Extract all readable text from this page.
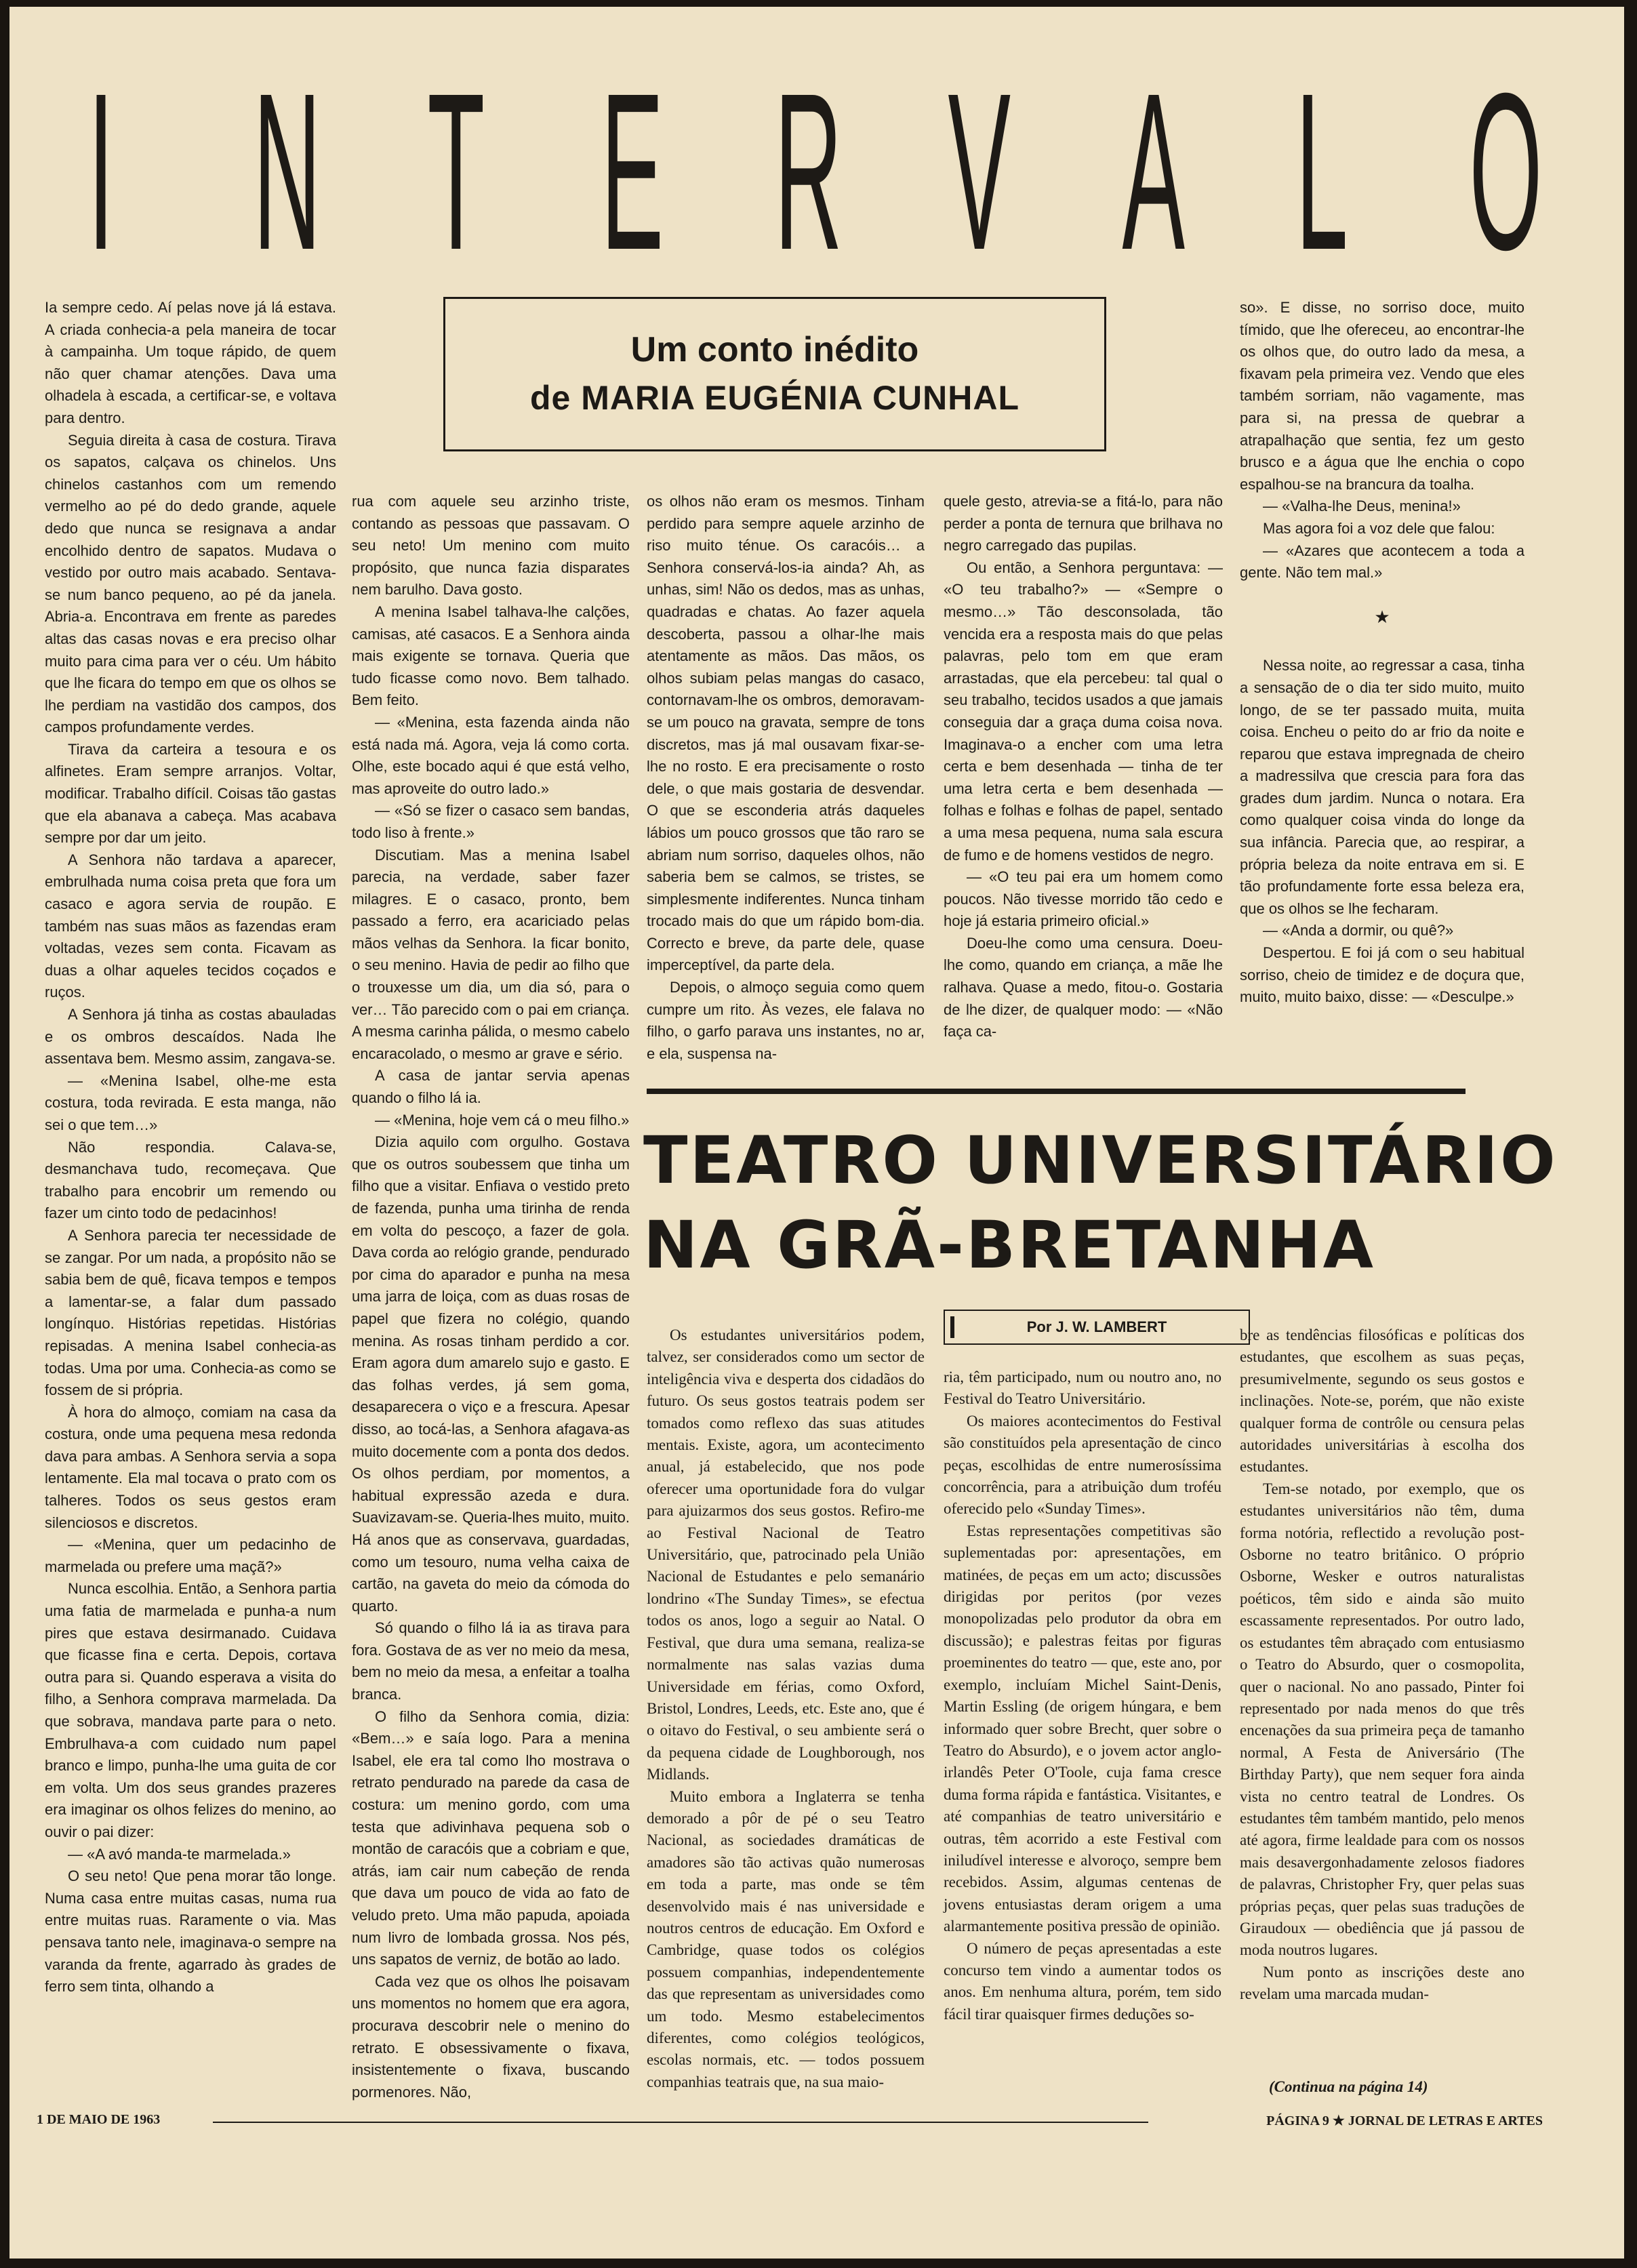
I N T E R V A L O
Um conto inédito
de MARIA EUGÉNIA CUNHAL

Ia sempre cedo. Aí pelas nove já lá estava. A criada conhecia-a pela maneira de tocar à campainha. Um toque rápido, de quem não quer chamar atenções. Dava uma olhadela à escada, a certificar-se, e voltava para dentro.

Seguia direita à casa de costura. Tirava os sapatos, calçava os chinelos. Uns chinelos castanhos com um remendo vermelho ao pé do dedo grande, aquele dedo que nunca se resignava a andar encolhido dentro de sapatos. Mudava o vestido por outro mais acabado. Sentava-se num banco pequeno, ao pé da janela. Abria-a. Encontrava em frente as paredes altas das casas novas e era preciso olhar muito para cima para ver o céu. Um hábito que lhe ficara do tempo em que os olhos se lhe perdiam na vastidão dos campos, dos campos profundamente verdes.

Tirava da carteira a tesoura e os alfinetes. Eram sempre arranjos. Voltar, modificar. Trabalho difícil. Coisas tão gastas que ela abanava a cabeça. Mas acabava sempre por dar um jeito.

A Senhora não tardava a aparecer, embrulhada numa coisa preta que fora um casaco e agora servia de roupão. E também nas suas mãos as fazendas eram voltadas, vezes sem conta. Ficavam as duas a olhar aqueles tecidos coçados e ruços.

A Senhora já tinha as costas abauladas e os ombros descaídos. Nada lhe assentava bem. Mesmo assim, zangava-se.

— «Menina Isabel, olhe-me esta costura, toda revirada. E esta manga, não sei o que tem…»

Não respondia. Calava-se, desmanchava tudo, recomeçava. Que trabalho para encobrir um remendo ou fazer um cinto todo de pedacinhos!

A Senhora parecia ter necessidade de se zangar. Por um nada, a propósito não se sabia bem de quê, ficava tempos e tempos a lamentar-se, a falar dum passado longínquo. Histórias repetidas. Histórias repisadas. A menina Isabel conhecia-as todas. Uma por uma. Conhecia-as como se fossem de si própria.

À hora do almoço, comiam na casa da costura, onde uma pequena mesa redonda dava para ambas. A Senhora servia a sopa lentamente. Ela mal tocava o prato com os talheres. Todos os seus gestos eram silenciosos e discretos.

— «Menina, quer um pedacinho de marmelada ou prefere uma maçã?»

Nunca escolhia. Então, a Senhora partia uma fatia de marmelada e punha-a num pires que estava desirmanado. Cuidava que ficasse fina e certa. Depois, cortava outra para si. Quando esperava a visita do filho, a Senhora comprava marmelada. Da que sobrava, mandava parte para o neto. Embrulhava-a com cuidado num papel branco e limpo, punha-lhe uma guita de cor em volta. Um dos seus grandes prazeres era imaginar os olhos felizes do menino, ao ouvir o pai dizer:

— «A avó manda-te marmelada.»

O seu neto! Que pena morar tão longe. Numa casa entre muitas casas, numa rua entre muitas ruas. Raramente o via. Mas pensava tanto nele, imaginava-o sempre na varanda da frente, agarrado às grades de ferro sem tinta, olhando a

rua com aquele seu arzinho triste, contando as pessoas que passavam. O seu neto! Um menino com muito propósito, que nunca fazia disparates nem barulho. Dava gosto.

A menina Isabel talhava-lhe calções, camisas, até casacos. E a Senhora ainda mais exigente se tornava. Queria que tudo ficasse como novo. Bem talhado. Bem feito.

— «Menina, esta fazenda ainda não está nada má. Agora, veja lá como corta. Olhe, este bocado aqui é que está velho, mas aproveite do outro lado.»

— «Só se fizer o casaco sem bandas, todo liso à frente.»

Discutiam. Mas a menina Isabel parecia, na verdade, saber fazer milagres. E o casaco, pronto, bem passado a ferro, era acariciado pelas mãos velhas da Senhora. Ia ficar bonito, o seu menino. Havia de pedir ao filho que o trouxesse um dia, um dia só, para o ver… Tão parecido com o pai em criança. A mesma carinha pálida, o mesmo cabelo encaracolado, o mesmo ar grave e sério.

A casa de jantar servia apenas quando o filho lá ia.

— «Menina, hoje vem cá o meu filho.»

Dizia aquilo com orgulho. Gostava que os outros soubessem que tinha um filho que a visitar. Enfiava o vestido preto de fazenda, punha uma tirinha de renda em volta do pescoço, a fazer de gola. Dava corda ao relógio grande, pendurado por cima do aparador e punha na mesa uma jarra de loiça, com as duas rosas de papel que fizera no colégio, quando menina. As rosas tinham perdido a cor. Eram agora dum amarelo sujo e gasto. E das folhas verdes, já sem goma, desaparecera o viço e a frescura. Apesar disso, ao tocá-las, a Senhora afagava-as muito docemente com a ponta dos dedos. Os olhos perdiam, por momentos, a habitual expressão azeda e dura. Suavizavam-se. Queria-lhes muito, muito. Há anos que as conservava, guardadas, como um tesouro, numa velha caixa de cartão, na gaveta do meio da cómoda do quarto.

Só quando o filho lá ia as tirava para fora. Gostava de as ver no meio da mesa, bem no meio da mesa, a enfeitar a toalha branca.

O filho da Senhora comia, dizia: «Bem…» e saía logo. Para a menina Isabel, ele era tal como lho mostrava o retrato pendurado na parede da casa de costura: um menino gordo, com uma testa que adivinhava pequena sob o montão de caracóis que a cobriam e que, atrás, iam cair num cabeção de renda que dava um pouco de vida ao fato de veludo preto. Uma mão papuda, apoiada num livro de lombada grossa. Nos pés, uns sapatos de verniz, de botão ao lado.

Cada vez que os olhos lhe poisavam uns momentos no homem que era agora, procurava descobrir nele o menino do retrato. E obsessivamente o fixava, insistentemente o fixava, buscando pormenores. Não,

os olhos não eram os mesmos. Tinham perdido para sempre aquele arzinho de riso muito ténue. Os caracóis… a Senhora conservá-los-ia ainda? Ah, as unhas, sim! Não os dedos, mas as unhas, quadradas e chatas. Ao fazer aquela descoberta, passou a olhar-lhe mais atentamente as mãos. Das mãos, os olhos subiam pelas mangas do casaco, contornavam-lhe os ombros, demoravam-se um pouco na gravata, sempre de tons discretos, mas já mal ousavam fixar-se-lhe no rosto. E era precisamente o rosto dele, o que mais gostaria de desvendar. O que se esconderia atrás daqueles lábios um pouco grossos que tão raro se abriam num sorriso, daqueles olhos, não saberia bem se calmos, se tristes, se simplesmente indiferentes. Nunca tinham trocado mais do que um rápido bom-dia. Correcto e breve, da parte dele, quase imperceptível, da parte dela.

Depois, o almoço seguia como quem cumpre um rito. Às vezes, ele falava no filho, o garfo parava uns instantes, no ar, e ela, suspensa na-

quele gesto, atrevia-se a fitá-lo, para não perder a ponta de ternura que brilhava no negro carregado das pupilas.

Ou então, a Senhora perguntava: — «O teu trabalho?» — «Sempre o mesmo…» Tão desconsolada, tão vencida era a resposta mais do que pelas palavras, pelo tom em que eram arrastadas, que ela percebeu: tal qual o seu trabalho, tecidos usados a que jamais conseguia dar a graça duma coisa nova. Imaginava-o a encher com uma letra certa e bem desenhada — tinha de ter uma letra certa e bem desenhada — folhas e folhas e folhas de papel, sentado a uma mesa pequena, numa sala escura de fumo e de homens vestidos de negro.

— «O teu pai era um homem como poucos. Não tivesse morrido tão cedo e hoje já estaria primeiro oficial.»

Doeu-lhe como uma censura. Doeu-lhe como, quando em criança, a mãe lhe ralhava. Quase a medo, fitou-o. Gostaria de lhe dizer, de qualquer modo: — «Não faça ca-

so». E disse, no sorriso doce, muito tímido, que lhe ofereceu, ao encontrar-lhe os olhos que, do outro lado da mesa, a fixavam pela primeira vez. Vendo que eles também sorriam, não vagamente, mas para si, na pressa de quebrar a atrapalhação que sentia, fez um gesto brusco e a água que lhe enchia o copo espalhou-se na brancura da toalha.

— «Valha-lhe Deus, menina!»

Mas agora foi a voz dele que falou:

— «Azares que acontecem a toda a gente. Não tem mal.»

★

Nessa noite, ao regressar a casa, tinha a sensação de o dia ter sido muito, muito longo, de se ter passado muita, muita coisa. Encheu o peito do ar frio da noite e reparou que estava impregnada de cheiro a madressilva que crescia para fora das grades dum jardim. Nunca o notara. Era como qualquer coisa vinda do longe da sua infância. Parecia que, ao respirar, a própria beleza da noite entrava em si. E tão profundamente forte essa beleza era, que os olhos se lhe fecharam.

— «Anda a dormir, ou quê?»

Despertou. E foi já com o seu habitual sorriso, cheio de timidez e de doçura que, muito, muito baixo, disse: — «Desculpe.»

TEATRO UNIVERSITÁRIO
NA GRÃ-BRETANHA
Por J. W. LAMBERT

Os estudantes universitários podem, talvez, ser considerados como um sector de inteligência viva e desperta dos cidadãos do futuro. Os seus gostos teatrais podem ser tomados como reflexo das suas atitudes mentais. Existe, agora, um acontecimento anual, já estabelecido, que nos pode oferecer uma oportunidade fora do vulgar para ajuizarmos dos seus gostos. Refiro-me ao Festival Nacional de Teatro Universitário, que, patrocinado pela União Nacional de Estudantes e pelo semanário londrino «The Sunday Times», se efectua todos os anos, logo a seguir ao Natal. O Festival, que dura uma semana, realiza-se normalmente nas salas vazias duma Universidade em férias, como Oxford, Bristol, Londres, Leeds, etc. Este ano, que é o oitavo do Festival, o seu ambiente será o da pequena cidade de Loughborough, nos Midlands.

Muito embora a Inglaterra se tenha demorado a pôr de pé o seu Teatro Nacional, as sociedades dramáticas de amadores são tão activas quão numerosas em toda a parte, mas onde se têm desenvolvido mais é nas universidade e noutros centros de educação. Em Oxford e Cambridge, quase todos os colégios possuem companhias, independentemente das que representam as universidades como um todo. Mesmo estabelecimentos diferentes, como colégios teológicos, escolas normais, etc. — todos possuem companhias teatrais que, na sua maio-

ria, têm participado, num ou noutro ano, no Festival do Teatro Universitário.

Os maiores acontecimentos do Festival são constituídos pela apresentação de cinco peças, escolhidas de entre numerosíssima concorrência, para a atribuição dum troféu oferecido pelo «Sunday Times».

Estas representações competitivas são suplementadas por: apresentações, em matinées, de peças em um acto; discussões dirigidas por peritos (por vezes monopolizadas pelo produtor da obra em discussão); e palestras feitas por figuras proeminentes do teatro — que, este ano, por exemplo, incluíam Michel Saint-Denis, Martin Essling (de origem húngara, e bem informado quer sobre Brecht, quer sobre o Teatro do Absurdo), e o jovem actor anglo-irlandês Peter O'Toole, cuja fama cresce duma forma rápida e fantástica. Visitantes, e até companhias de teatro universitário e outras, têm acorrido a este Festival com iniludível interesse e alvoroço, sempre bem recebidos. Assim, algumas centenas de jovens entusiastas deram origem a uma alarmantemente positiva pressão de opinião.

O número de peças apresentadas a este concurso tem vindo a aumentar todos os anos. Em nenhuma altura, porém, tem sido fácil tirar quaisquer firmes deduções so-

bre as tendências filosóficas e políticas dos estudantes, que escolhem as suas peças, presumivelmente, segundo os seus gostos e inclinações. Note-se, porém, que não existe qualquer forma de contrôle ou censura pelas autoridades universitárias à escolha dos estudantes.

Tem-se notado, por exemplo, que os estudantes universitários não têm, duma forma notória, reflectido a revolução post-Osborne no teatro britânico. O próprio Osborne, Wesker e outros naturalistas poéticos, têm sido e ainda são muito escassamente representados. Por outro lado, os estudantes têm abraçado com entusiasmo o Teatro do Absurdo, quer o cosmopolita, quer o nacional. No ano passado, Pinter foi representado por nada menos do que três encenações da sua primeira peça de tamanho normal, A Festa de Aniversário (The Birthday Party), que nem sequer fora ainda vista no centro teatral de Londres. Os estudantes têm também mantido, pelo menos até agora, firme lealdade para com os nossos mais desavergonhadamente zelosos fiadores de palavras, Christopher Fry, quer pelas suas próprias peças, quer pelas suas traduções de Giraudoux — obediência que já passou de moda noutros lugares.

Num ponto as inscrições deste ano revelam uma marcada mudan-

(Continua na página 14)
1 DE MAIO DE 1963	PÁGINA 9 ★ JORNAL DE LETRAS E ARTES
